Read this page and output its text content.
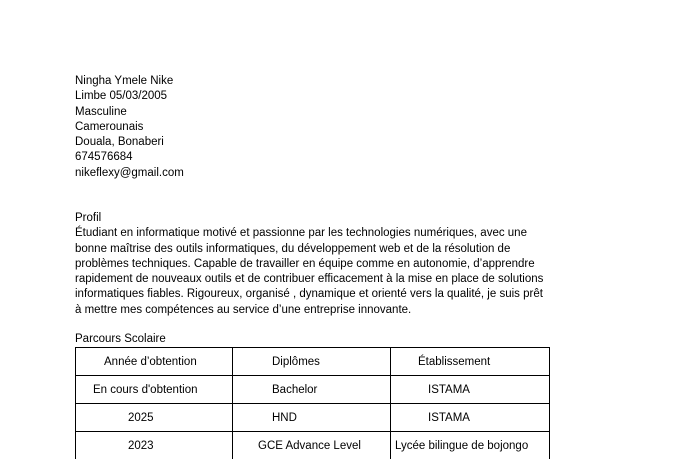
Ningha Ymele Nike
Limbe 05/03/2005
Masculine
Camerounais
Douala, Bonaberi
674576684
nikeflexy@gmail.com
Profil
Étudiant en informatique motivé et passionne par les technologies numériques, avec une
bonne maîtrise des outils informatiques, du développement web et de la résolution de
problèmes techniques. Capable de travailler en équipe comme en autonomie, d’apprendre
rapidement de nouveaux outils et de contribuer efficacement à la mise en place de solutions
informatiques fiables. Rigoureux, organisé , dynamique et orienté vers la qualité, je suis prêt
à mettre mes compétences au service d’une entreprise innovante.
Parcours Scolaire
Année d’obtention	Diplômes	Établissement

En cours d'obtention	Bachelor	ISTAMA

2025	HND	ISTAMA

2023	GCE Advance Level	Lycée bilingue de bojongo
